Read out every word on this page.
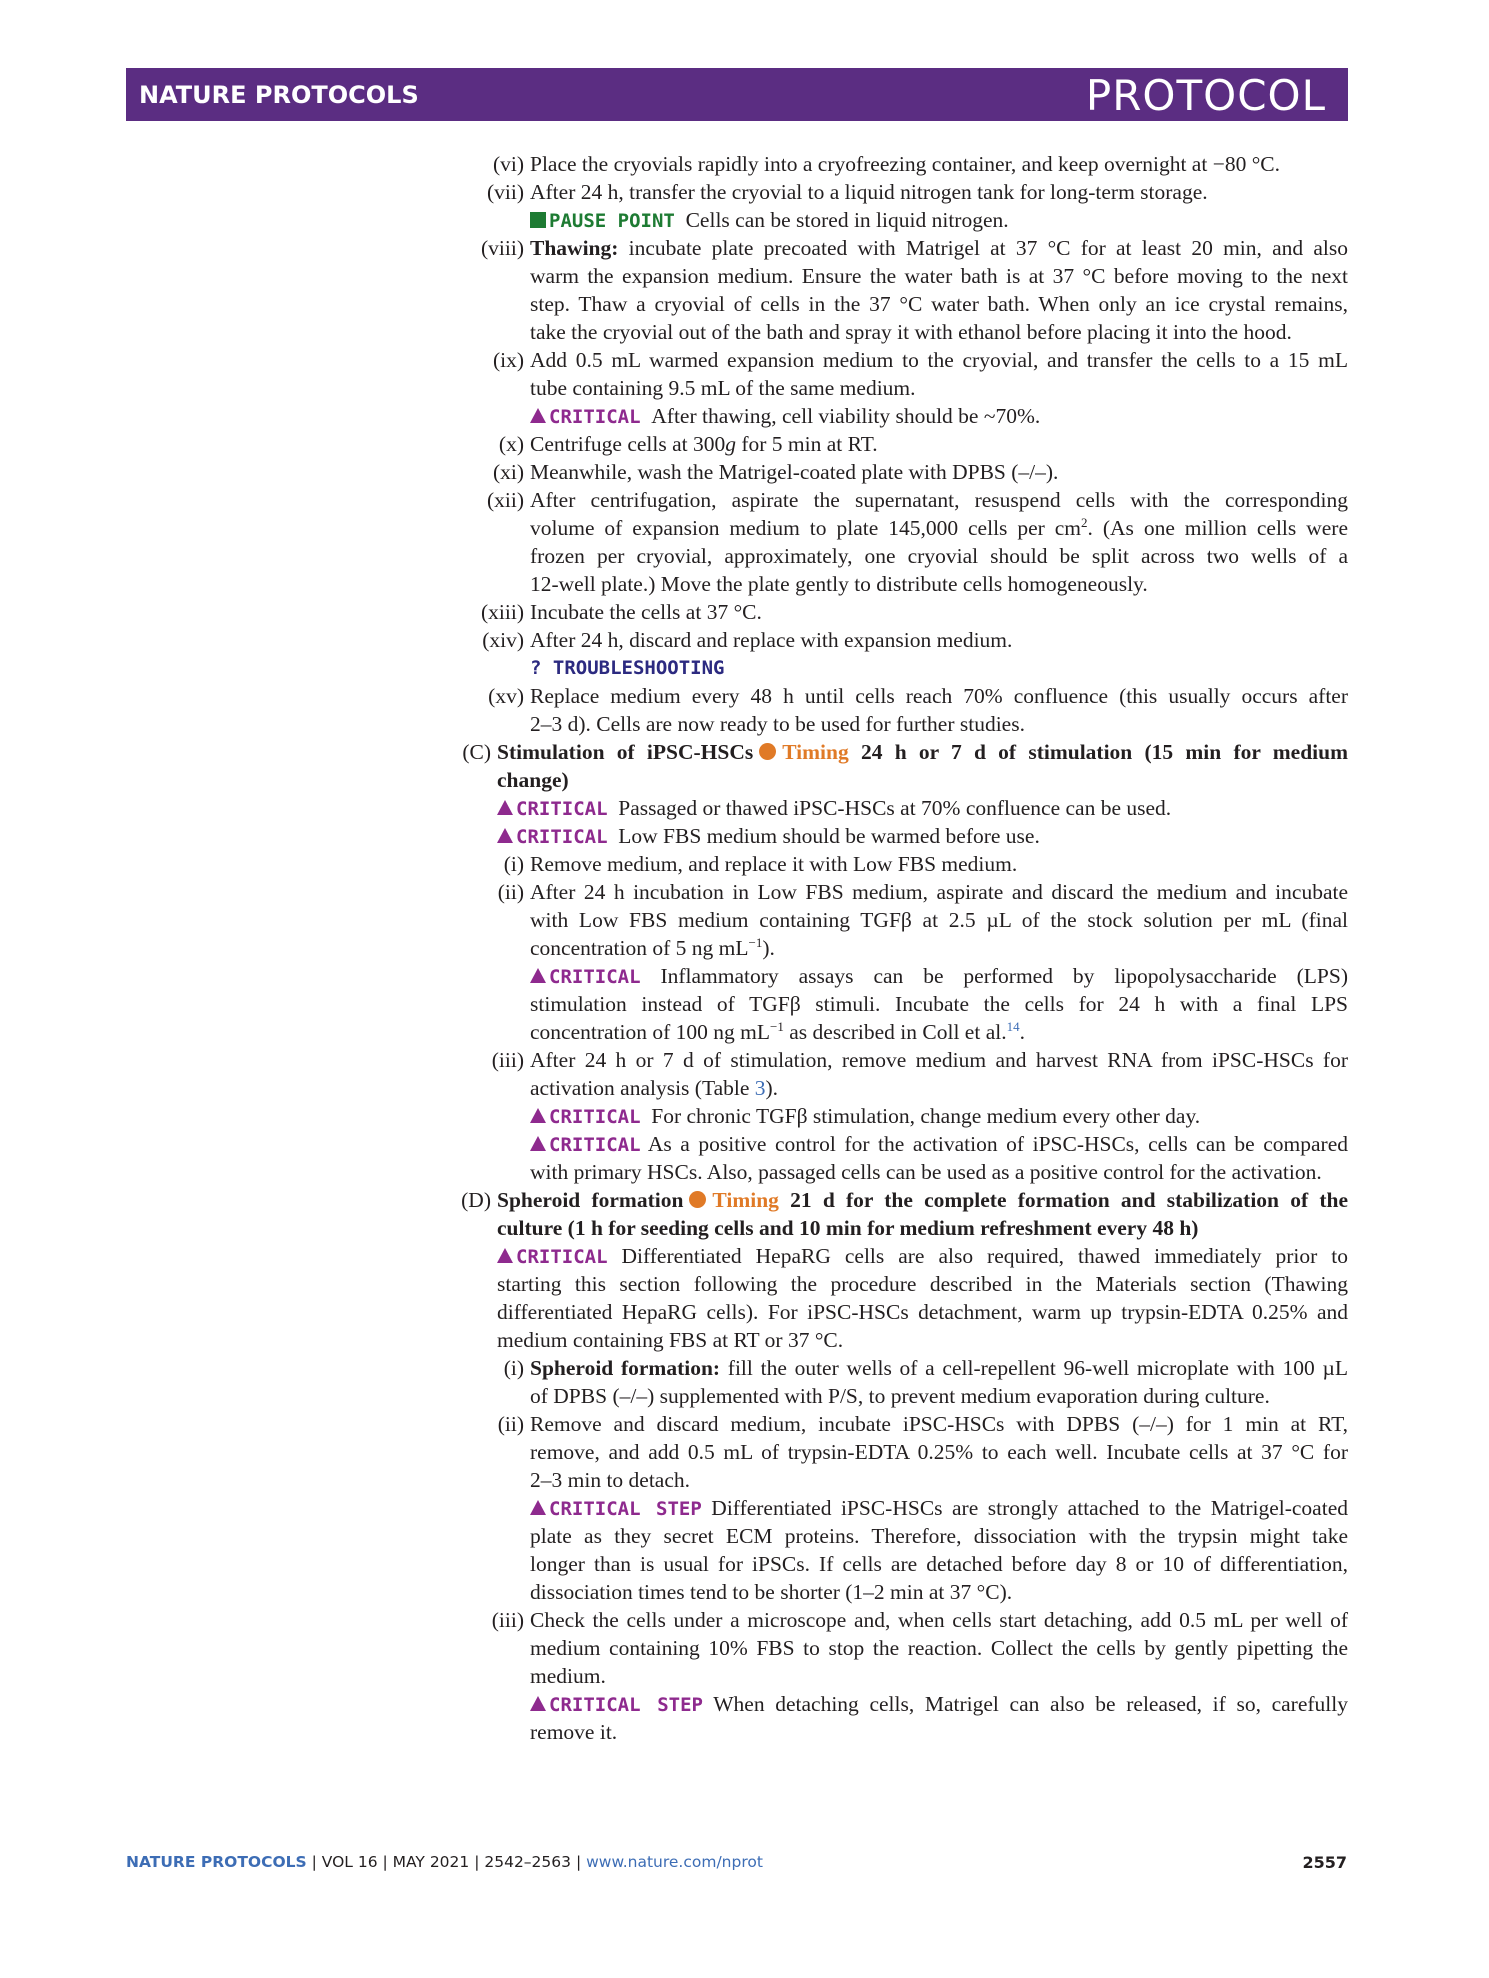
NATURE PROTOCOLS	PROTOCOL
(vi) Place the cryovials rapidly into a cryofreezing container, and keep overnight at −80 °C.
(vii) After 24 h, transfer the cryovial to a liquid nitrogen tank for long-term storage.
PAUSE POINT Cells can be stored in liquid nitrogen.
(viii) Thawing: incubate plate precoated with Matrigel at 37 °C for at least 20 min, and also
warm the expansion medium. Ensure the water bath is at 37 °C before moving to the next
step. Thaw a cryovial of cells in the 37 °C water bath. When only an ice crystal remains,
take the cryovial out of the bath and spray it with ethanol before placing it into the hood.
(ix) Add 0.5 mL warmed expansion medium to the cryovial, and transfer the cells to a 15 mL
tube containing 9.5 mL of the same medium.
CRITICAL After thawing, cell viability should be ~70%.
(x) Centrifuge cells at 300g for 5 min at RT.
(xi) Meanwhile, wash the Matrigel-coated plate with DPBS (–/–).
(xii) After centrifugation, aspirate the supernatant, resuspend cells with the corresponding
volume of expansion medium to plate 145,000 cells per $cm^2$. (As one million cells were
frozen per cryovial, approximately, one cryovial should be split across two wells of a
12-well plate.) Move the plate gently to distribute cells homogeneously.
(xiii) Incubate the cells at 37 °C.
(xiv) After 24 h, discard and replace with expansion medium.
? TROUBLESHOOTING
(xv) Replace medium every 48 h until cells reach 70% confluence (this usually occurs after
2–3 d). Cells are now ready to be used for further studies.
(C) Stimulation of iPSC-HSCs Timing 24 h or 7 d of stimulation (15 min for medium
change)
CRITICAL Passaged or thawed iPSC-HSCs at 70% confluence can be used.
CRITICAL Low FBS medium should be warmed before use.
(i) Remove medium, and replace it with Low FBS medium.
(ii) After 24 h incubation in Low FBS medium, aspirate and discard the medium and incubate
with Low FBS medium containing TGFβ at 2.5 µL of the stock solution per mL (final
concentration of 5 ng $mL^{-1}$).
CRITICAL Inflammatory assays can be performed by lipopolysaccharide (LPS)
stimulation instead of TGFβ stimuli. Incubate the cells for 24 h with a final LPS
concentration of 100 ng $mL^{-1}$ as described in Coll et al.$^{14}$.
(iii) After 24 h or 7 d of stimulation, remove medium and harvest RNA from iPSC-HSCs for
activation analysis (Table 3).
CRITICAL For chronic TGFβ stimulation, change medium every other day.
CRITICAL As a positive control for the activation of iPSC-HSCs, cells can be compared
with primary HSCs. Also, passaged cells can be used as a positive control for the activation.
(D) Spheroid formation Timing 21 d for the complete formation and stabilization of the
culture (1 h for seeding cells and 10 min for medium refreshment every 48 h)
CRITICAL Differentiated HepaRG cells are also required, thawed immediately prior to
starting this section following the procedure described in the Materials section (Thawing
differentiated HepaRG cells). For iPSC-HSCs detachment, warm up trypsin-EDTA 0.25% and
medium containing FBS at RT or 37 °C.
(i) Spheroid formation: fill the outer wells of a cell-repellent 96-well microplate with 100 µL
of DPBS (–/–) supplemented with P/S, to prevent medium evaporation during culture.
(ii) Remove and discard medium, incubate iPSC-HSCs with DPBS (–/–) for 1 min at RT,
remove, and add 0.5 mL of trypsin-EDTA 0.25% to each well. Incubate cells at 37 °C for
2–3 min to detach.
CRITICAL STEP Differentiated iPSC-HSCs are strongly attached to the Matrigel-coated
plate as they secret ECM proteins. Therefore, dissociation with the trypsin might take
longer than is usual for iPSCs. If cells are detached before day 8 or 10 of differentiation,
dissociation times tend to be shorter (1–2 min at 37 °C).
(iii) Check the cells under a microscope and, when cells start detaching, add 0.5 mL per well of
medium containing 10% FBS to stop the reaction. Collect the cells by gently pipetting the
medium.
CRITICAL STEP When detaching cells, Matrigel can also be released, if so, carefully
remove it.
NATURE PROTOCOLS | VOL 16 | MAY 2021 | 2542–2563 | www.nature.com/nprot	2557
